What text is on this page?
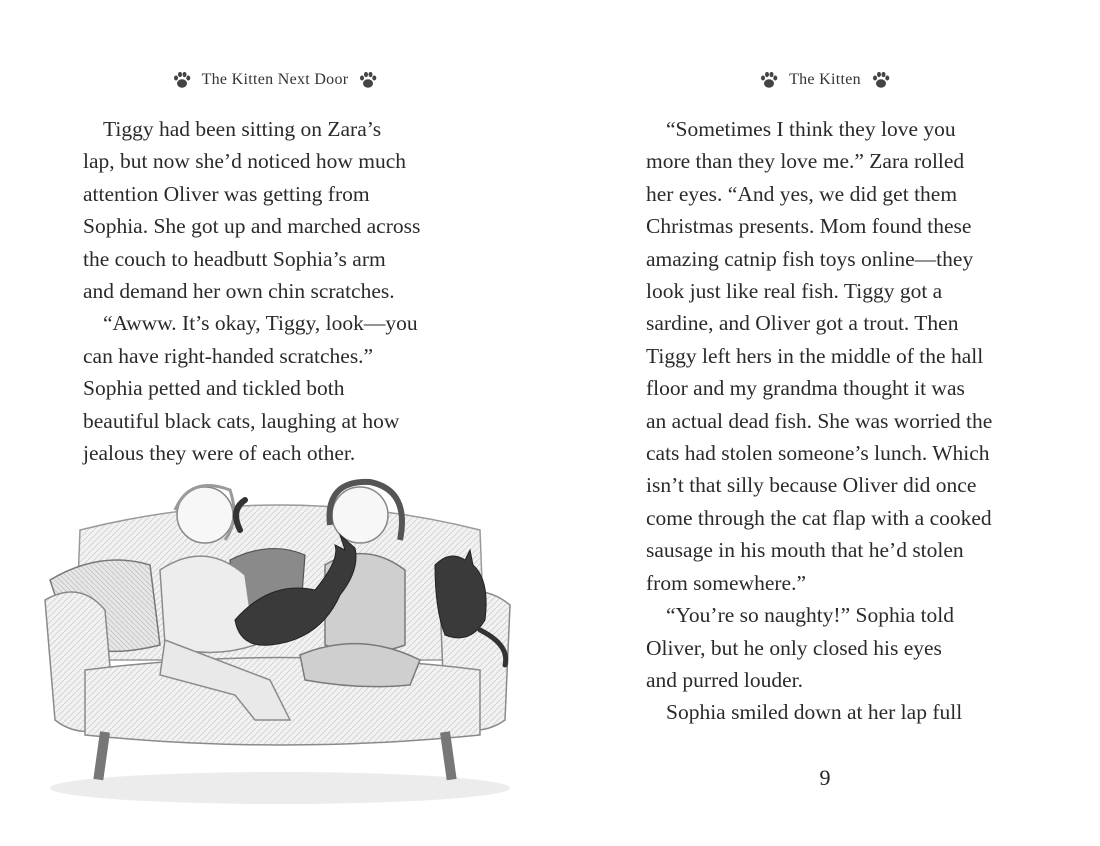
The Kitten Next Door
Tiggy had been sitting on Zara’s
lap, but now she’d noticed how much
attention Oliver was getting from
Sophia. She got up and marched across
the couch to headbutt Sophia’s arm
and demand her own chin scratches.
“Awww. It’s okay, Tiggy, look—you
can have right-handed scratches.”
Sophia petted and tickled both
beautiful black cats, laughing at how
jealous they were of each other.
The Kitten
“Sometimes I think they love you
more than they love me.” Zara rolled
her eyes. “And yes, we did get them
Christmas presents. Mom found these
amazing catnip fish toys online—they
look just like real fish. Tiggy got a
sardine, and Oliver got a trout. Then
Tiggy left hers in the middle of the hall
floor and my grandma thought it was
an actual dead fish. She was worried the
cats had stolen someone’s lunch. Which
isn’t that silly because Oliver did once
come through the cat flap with a cooked
sausage in his mouth that he’d stolen
from somewhere.”
“You’re so naughty!” Sophia told
Oliver, but he only closed his eyes
and purred louder.
Sophia smiled down at her lap full
9
